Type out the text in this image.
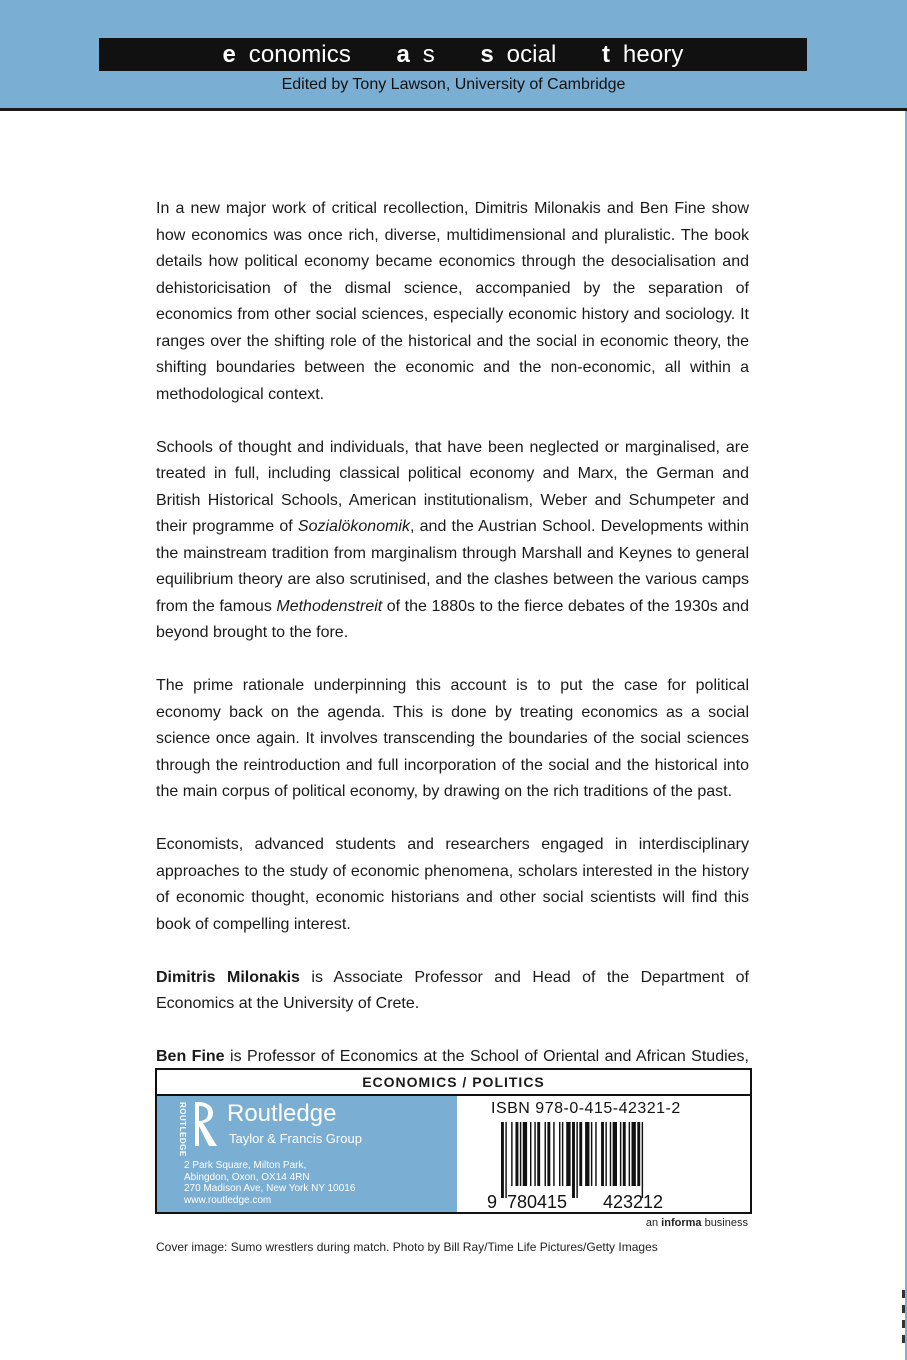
e conomics a s s ocial t heory
Edited by Tony Lawson, University of Cambridge

In a new major work of critical recollection, Dimitris Milonakis and Ben Fine show how economics was once rich, diverse, multidimensional and pluralistic. The book details how political economy became economics through the desocialisation and dehistoricisation of the dismal science, accompanied by the separation of economics from other social sciences, especially economic history and sociology. It ranges over the shifting role of the historical and the social in economic theory, the shifting boundaries between the economic and the non-economic, all within a methodological context.

Schools of thought and individuals, that have been neglected or marginalised, are treated in full, including classical political economy and Marx, the German and British Historical Schools, American institutionalism, Weber and Schumpeter and their programme of Sozialökonomik, and the Austrian School. Developments within the mainstream tradition from marginalism through Marshall and Keynes to general equilibrium theory are also scrutinised, and the clashes between the various camps from the famous Methodenstreit of the 1880s to the fierce debates of the 1930s and beyond brought to the fore.

The prime rationale underpinning this account is to put the case for political economy back on the agenda. This is done by treating economics as a social science once again. It involves transcending the boundaries of the social sciences through the reintroduction and full incorporation of the social and the historical into the main corpus of political economy, by drawing on the rich traditions of the past.

Economists, advanced students and researchers engaged in interdisciplinary approaches to the study of economic phenomena, scholars interested in the history of economic thought, economic historians and other social scientists will find this book of compelling interest.

Dimitris Milonakis is Associate Professor and Head of the Department of Economics at the University of Crete.

Ben Fine is Professor of Economics at the School of Oriental and African Studies,

ECONOMICS / POLITICS
ROUTLEDGE Routledge
Taylor & Francis Group
2 Park Square, Milton Park,
Abingdon, Oxon, OX14 4RN
270 Madison Ave, New York NY 10016
www.routledge.com
ISBN 978-0-415-42321-2
9 780415 423212
an informa business
Cover image: Sumo wrestlers during match. Photo by Bill Ray/Time Life Pictures/Getty Images
